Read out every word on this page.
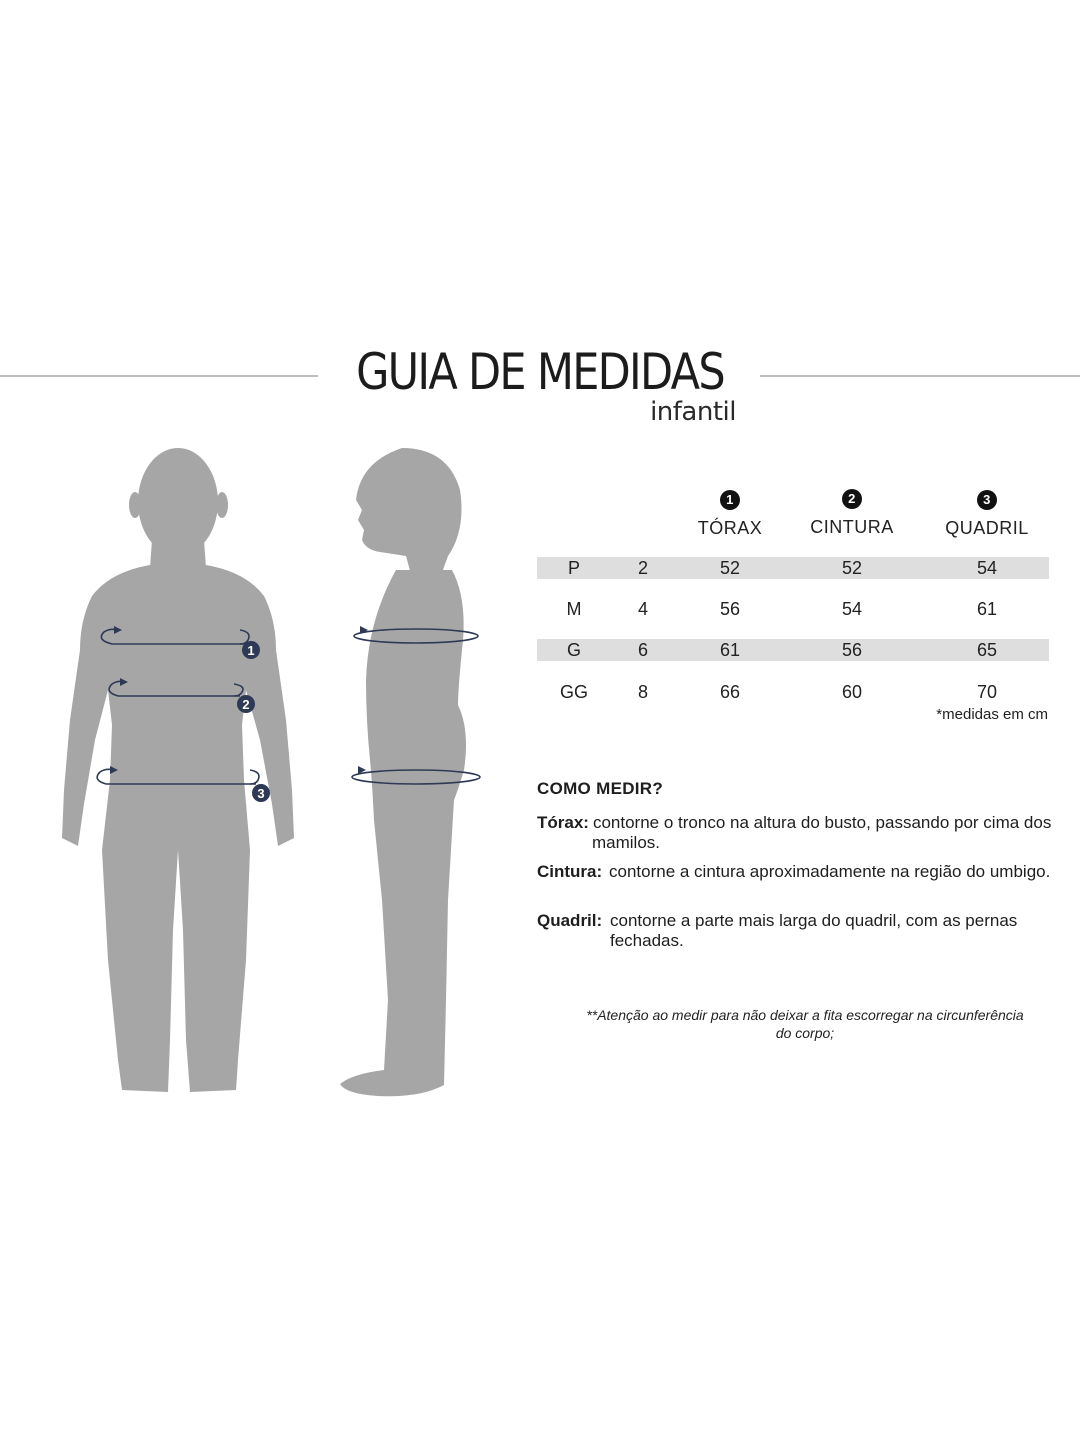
GUIA DE MEDIDAS
infantil
1
2
3
1
TÓRAX
2
CINTURA
3
QUADRIL
P	2	52	52	54
M	4	56	54	61
G	6	61	56	65
GG	8	66	60	70
*medidas em cm
COMO MEDIR?
Tórax: contorne o tronco na altura do busto, passando por cima dos mamilos.
Cintura: contorne a cintura aproximadamente na região do umbigo.
Quadril: contorne a parte mais larga do quadril, com as pernas fechadas.
**Atenção ao medir para não deixar a fita escorregar na circunferência do corpo;
